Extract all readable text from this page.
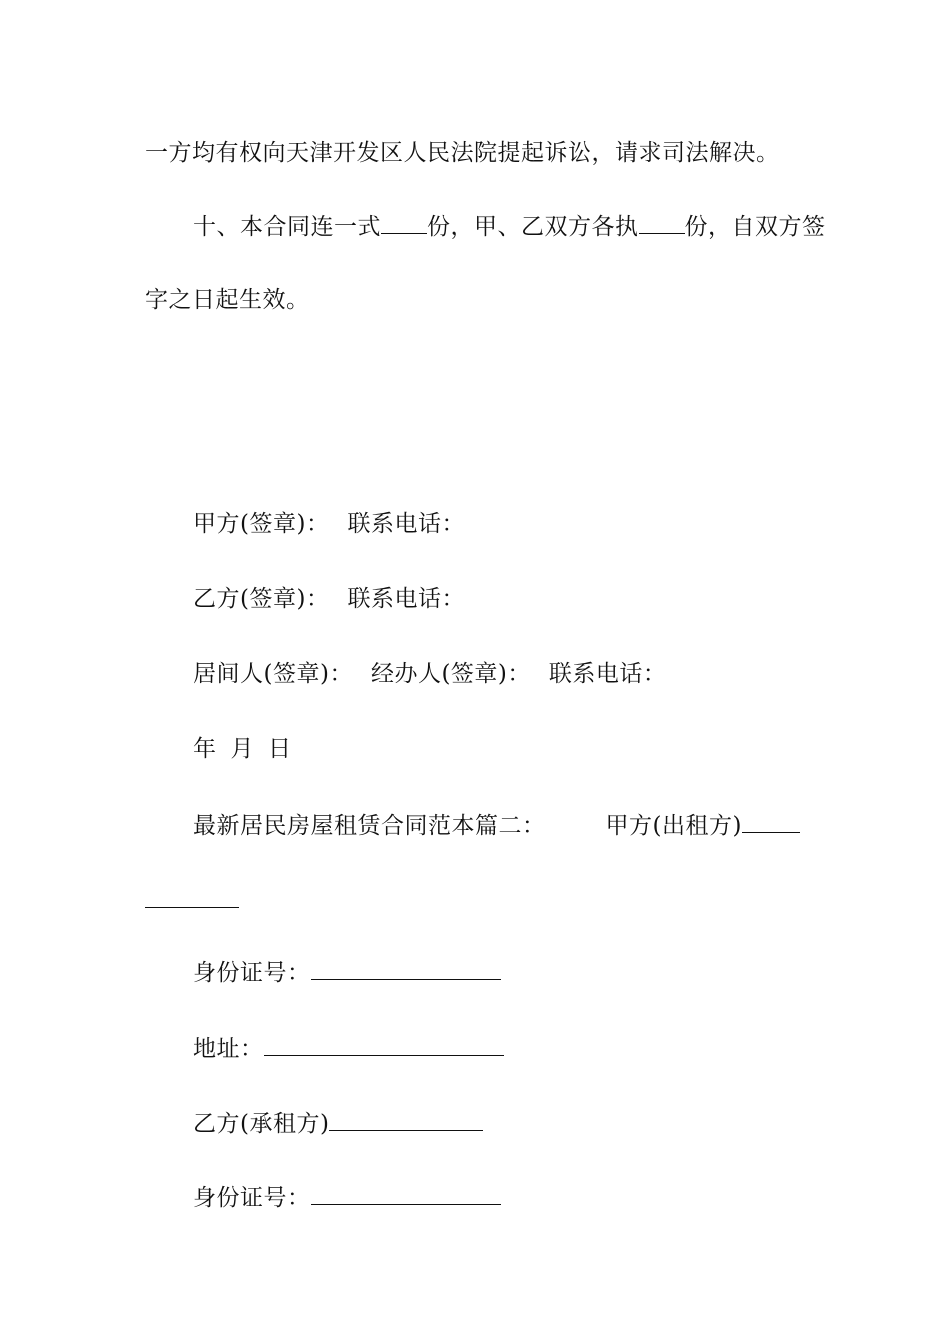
一方均有权向天津开发区人民法院提起诉讼，请求司法解决。
十、本合同连一式 份，甲、乙双方各执 份，自双方签
字之日起生效。
甲方(签章)： 联系电话：
乙方(签章)： 联系电话：
居间人(签章)： 经办人(签章)： 联系电话：
年 月 日
最新居民房屋租赁合同范本篇二：	甲方(出租方)
身份证号：
地址：
乙方(承租方)
身份证号：
